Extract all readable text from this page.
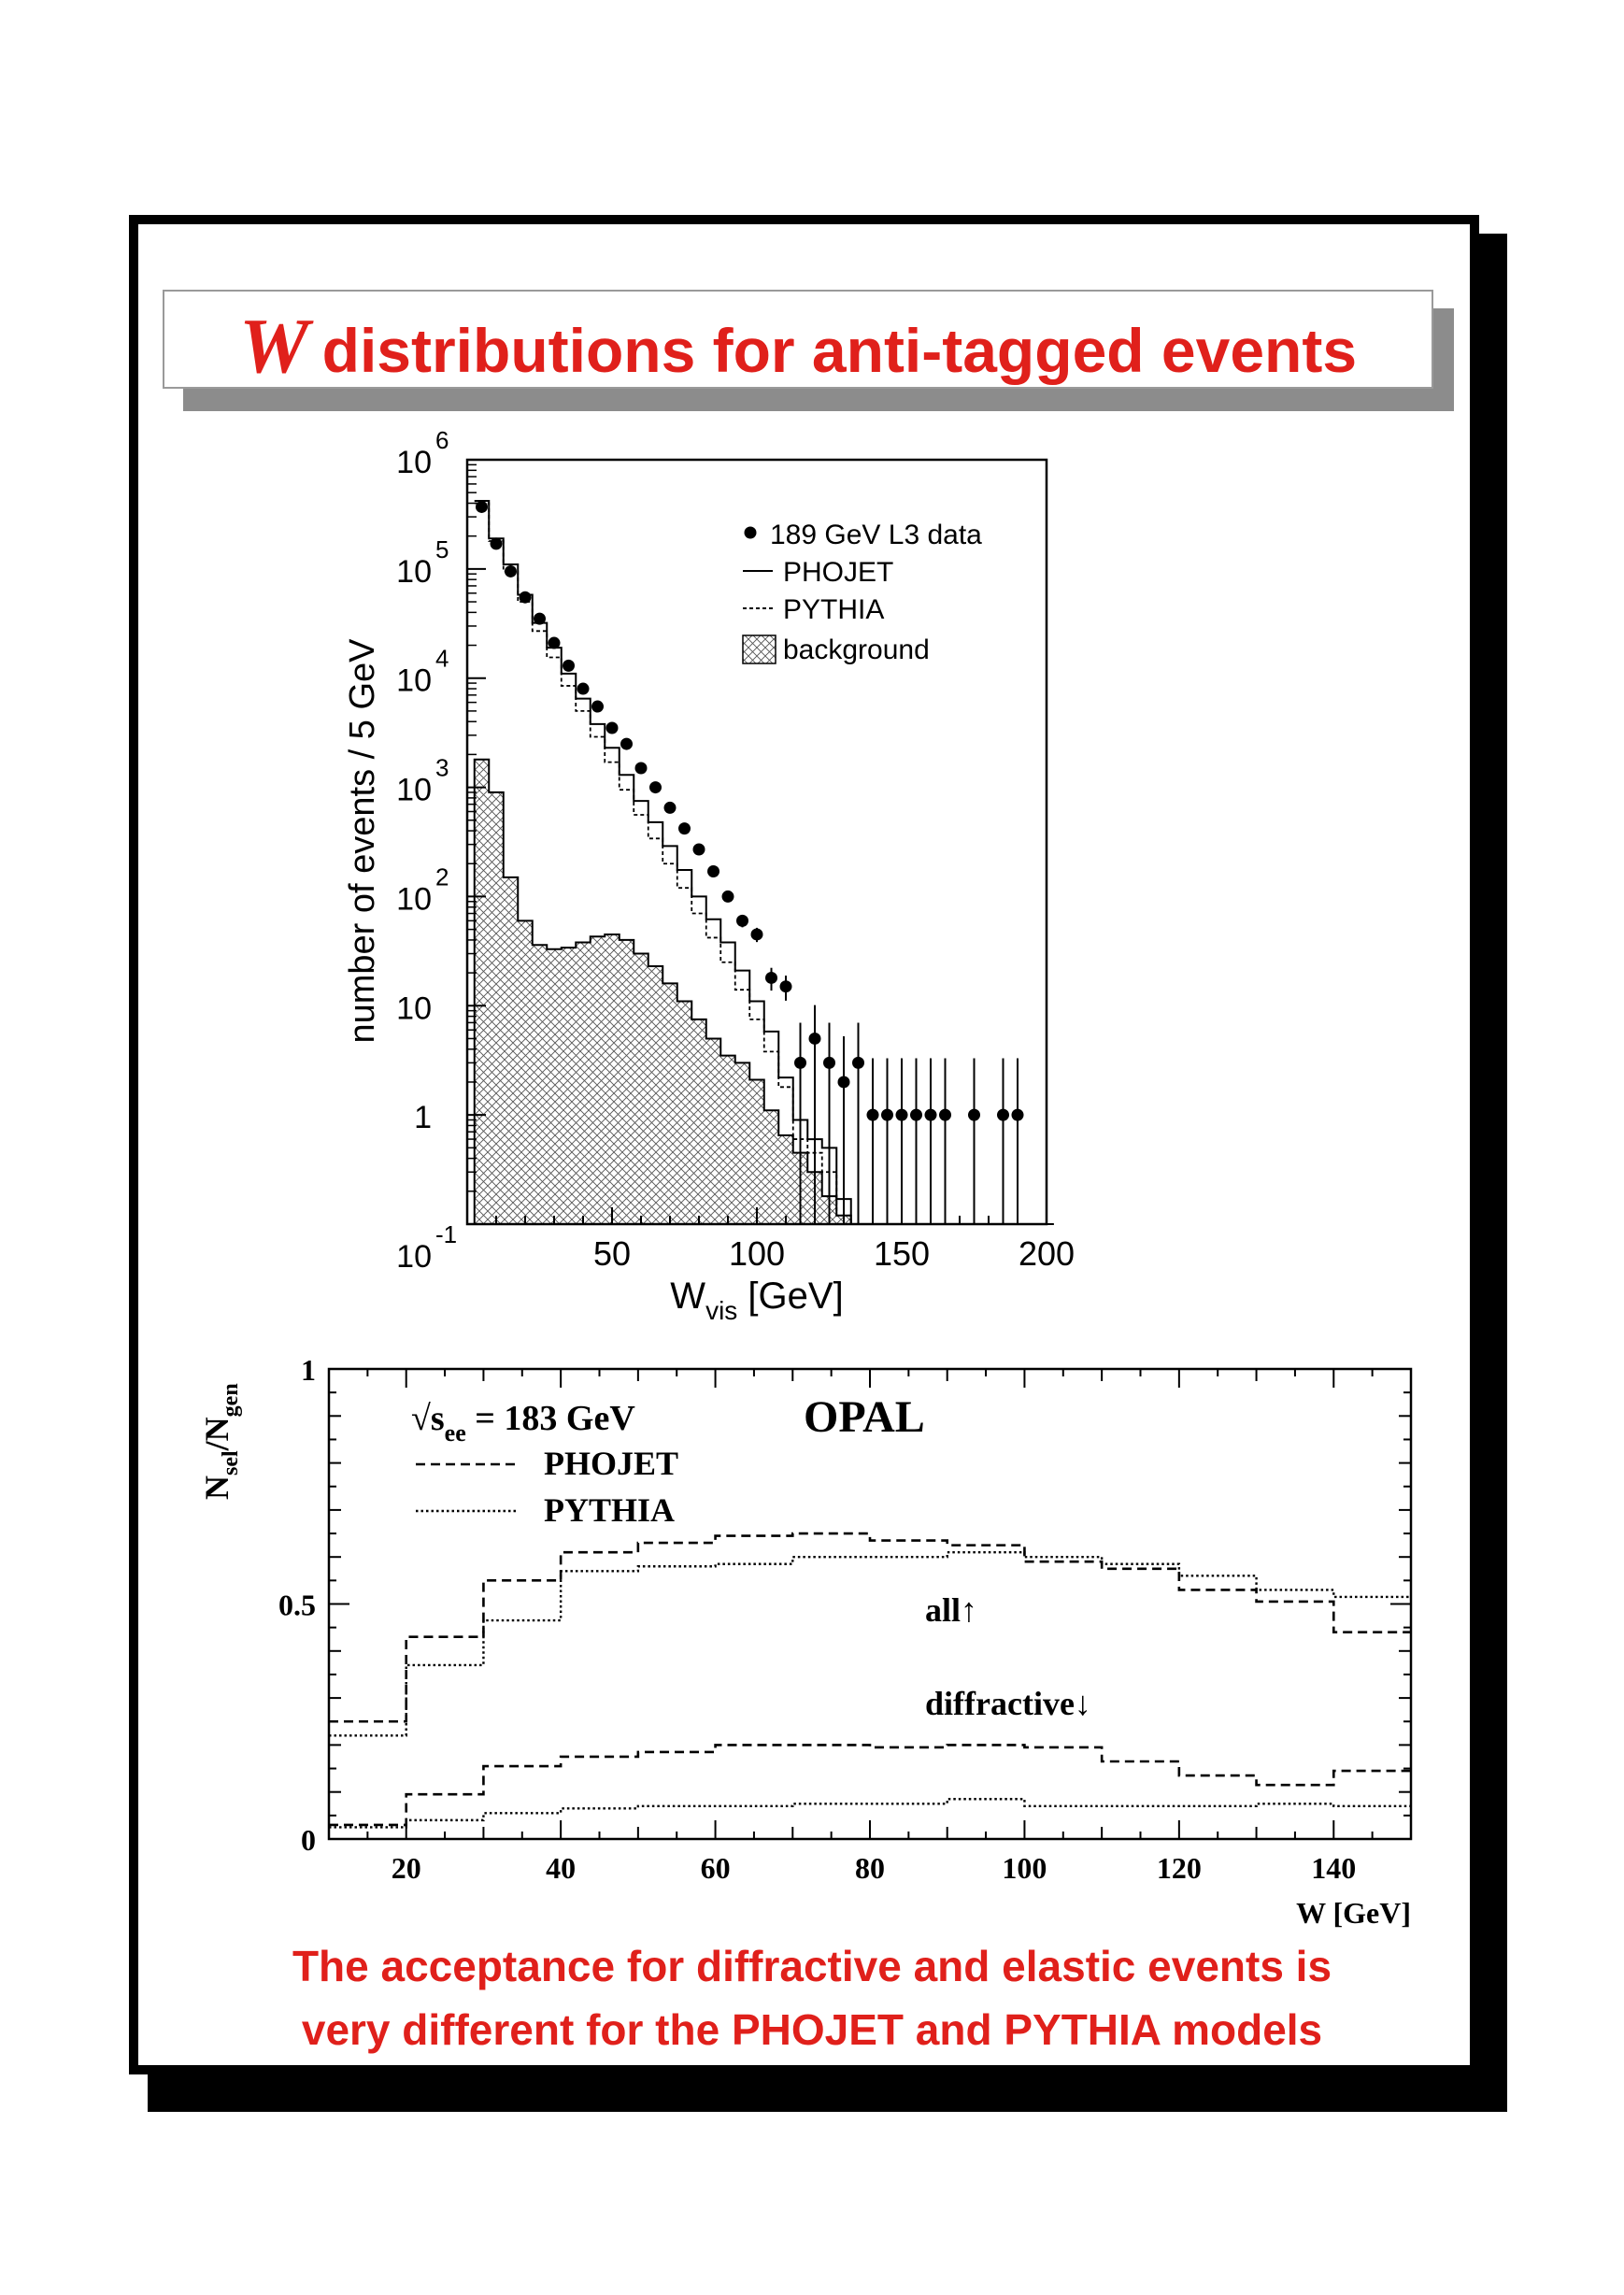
W distributions for anti-tagged events
50	100	150	200
10
6
10
5
10
4
10
3
10
2
10
1
10
-1
$W_{vis}$ [GeV]
number of events / 5 GeV
189 GeV L3 data
PHOJET
PYTHIA
background
20	40	60	80	100	120	140
0
0.5
1
W [GeV]
$N_{sel}/N_{gen}$	$√s_{ee} = 183$ GeV	OPAL
PHOJET
PYTHIA
all↑
diffractive↓
The acceptance for diffractive and elastic events is
very different for the PHOJET and PYTHIA models
